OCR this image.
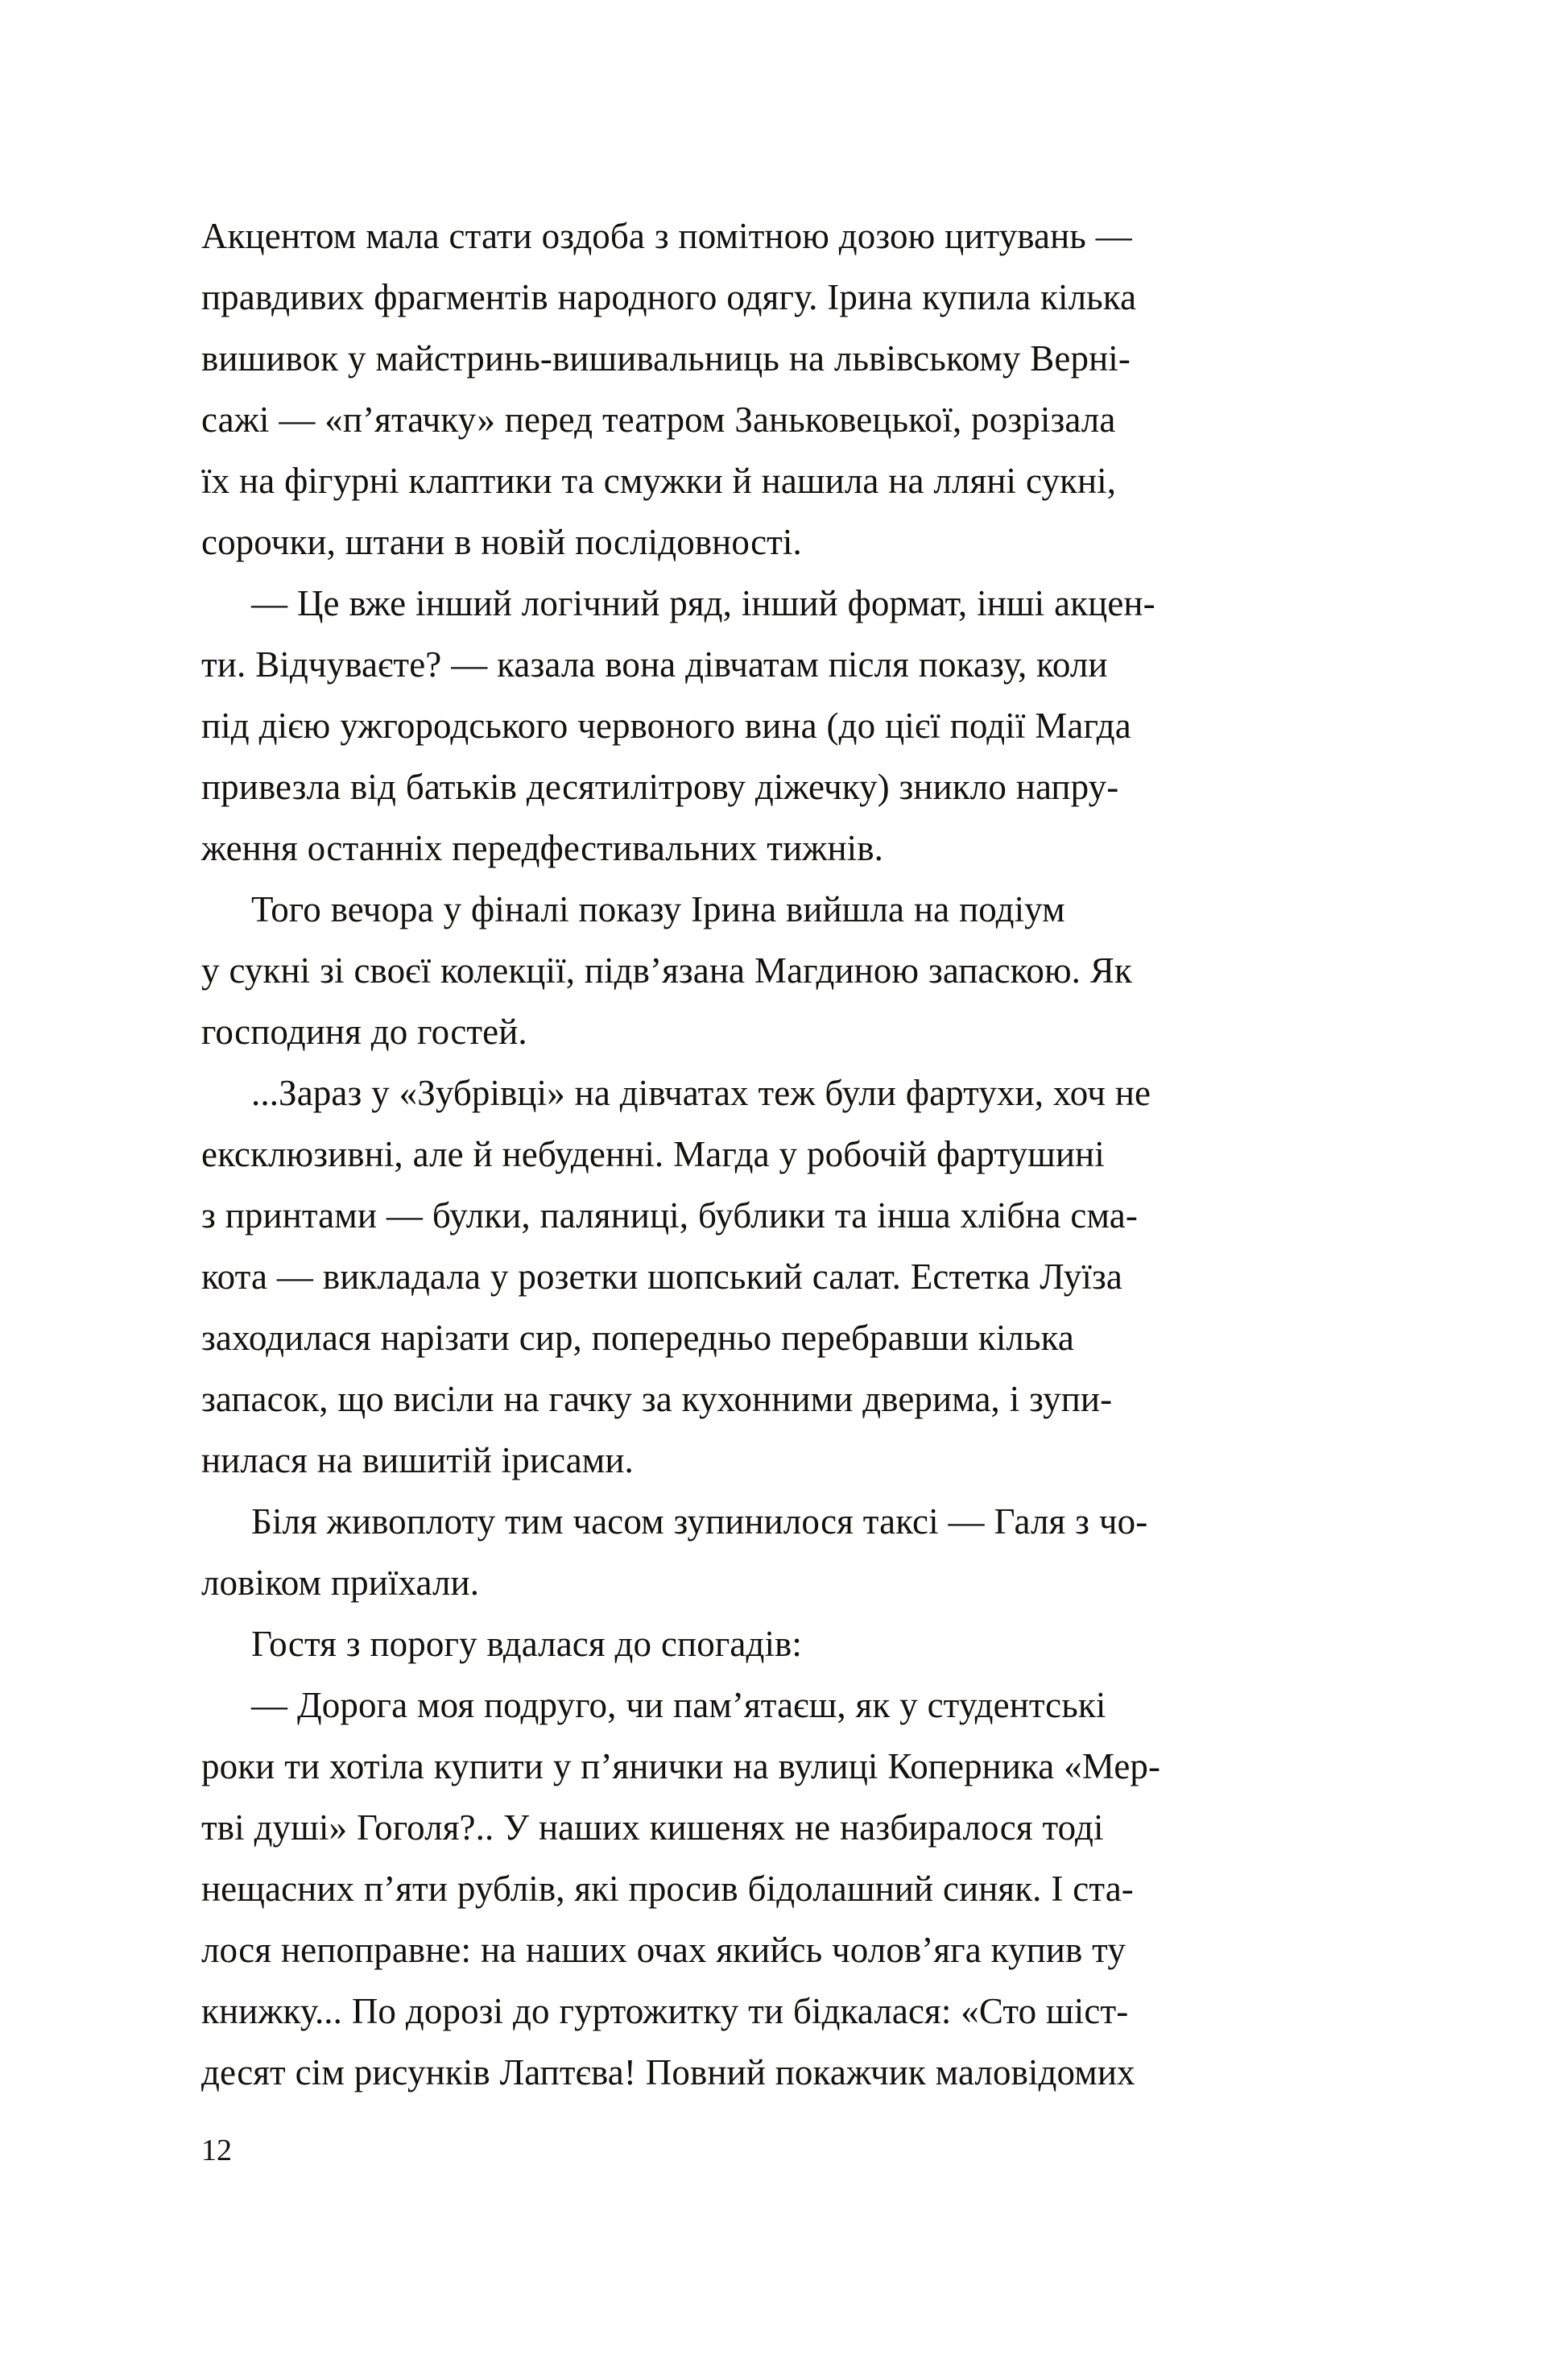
Акцентом мала стати оздоба з помітною дозою цитувань —
правдивих фрагментів народного одягу. Ірина купила кілька
вишивок у майстринь-вишивальниць на львівському Верні-
сажі — «п’ятачку» перед театром Заньковецької, розрізала
їх на фігурні клаптики та смужки й нашила на лляні сукні,
сорочки, штани в новій послідовності.

— Це вже інший логічний ряд, інший формат, інші акцен-
ти. Відчуваєте? — казала вона дівчатам після показу, коли
під дією ужгородського червоного вина (до цієї події Магда
привезла від батьків десятилітрову діжечку) зникло напру-
ження останніх передфестивальних тижнів.

Того вечора у фіналі показу Ірина вийшла на подіум
у сукні зі своєї колекції, підв’язана Магдиною запаскою. Як
господиня до гостей.

...Зараз у «Зубрівці» на дівчатах теж були фартухи, хоч не
ексклюзивні, але й небуденні. Магда у робочій фартушині
з принтами — булки, паляниці, бублики та інша хлібна сма-
кота — викладала у розетки шопський салат. Естетка Луїза
заходилася нарізати сир, попередньо перебравши кілька
запасок, що висіли на гачку за кухонними дверима, і зупи-
нилася на вишитій ірисами.

Біля живоплоту тим часом зупинилося таксі — Галя з чо-
ловіком приїхали.

Гостя з порогу вдалася до спогадів:

— Дорога моя подруго, чи пам’ятаєш, як у студентські
роки ти хотіла купити у п’янички на вулиці Коперника «Мер-
тві душі» Гоголя?.. У наших кишенях не назбиралося тоді
нещасних п’яти рублів, які просив бідолашний синяк. І ста-
лося непоправне: на наших очах якийсь чолов’яга купив ту
книжку... По дорозі до гуртожитку ти бідкалася: «Сто шіст-
десят сім рисунків Лаптєва! Повний покажчик маловідомих

12
